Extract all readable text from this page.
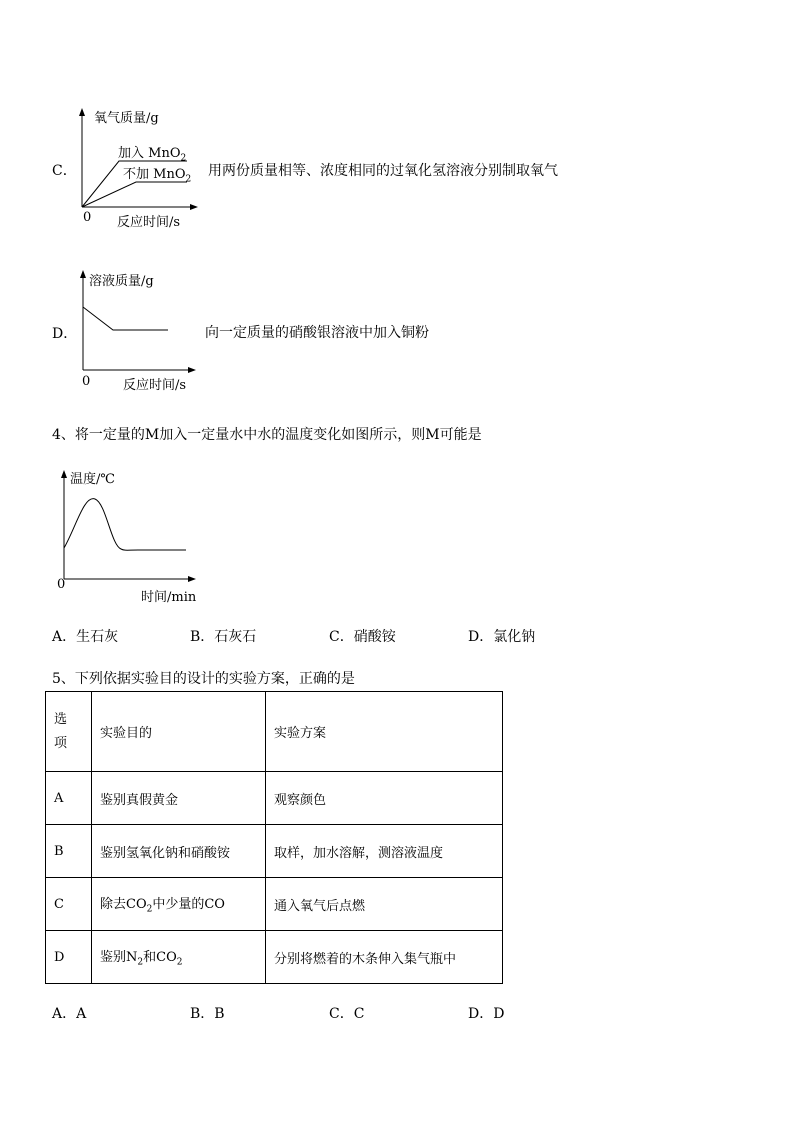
C．
氧气质量/g
加入 MnO$_2$
不加 MnO$_2$
0 反应时间/s
用两份质量相等、浓度相同的过氧化氢溶液分别制取氧气
D．
溶液质量/g
0	反应时间/s
向一定质量的硝酸银溶液中加入铜粉
4、将一定量的M加入一定量水中水的温度变化如图所示，则M可能是
温度/℃
0
时间/min
A．生石灰	B．石灰石	C．硝酸铵	D．氯化钠
5、下列依据实验目的设计的实验方案，正确的是
选
项	实验目的	实验方案
A	鉴别真假黄金	观察颜色
B	鉴别氢氧化钠和硝酸铵	取样，加水溶解，测溶液温度
C	除去$CO_2$中少量的CO	通入氧气后点燃
D	鉴别$N_2$和$CO_2$	分别将燃着的木条伸入集气瓶中
A．A	B．B	C．C	D．D
